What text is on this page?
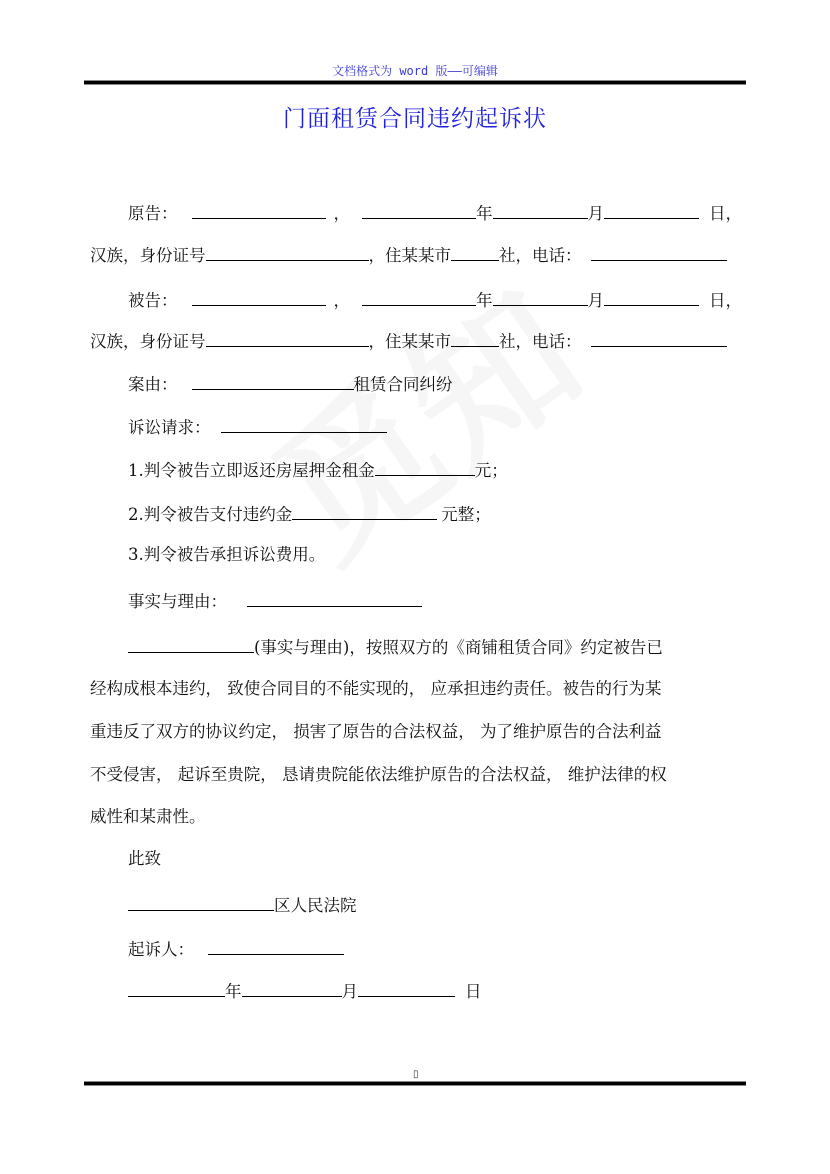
文档格式为 word 版——可编辑
门面租赁合同违约起诉状
原告：	，	年	月	日，
汉族，身份证号	，住某某市	社，电话：
被告：	，	年	月	日，
汉族，身份证号	，住某某市	社，电话：
案由：	租赁合同纠纷
诉讼请求：
1.判令被告立即返还房屋押金租金	元；
2.判令被告支付违约金	元整；
3.判令被告承担诉讼费用。
事实与理由：
(事实与理由)，按照双方的《商铺租赁合同》约定被告已
经构成根本违约， 致使合同目的不能实现的， 应承担违约责任。被告的行为某
重违反了双方的协议约定， 损害了原告的合法权益， 为了维护原告的合法利益
不受侵害， 起诉至贵院， 恳请贵院能依法维护原告的合法权益， 维护法律的权
威性和某肃性。
此致
区人民法院
起诉人：
年	月	日
▯
